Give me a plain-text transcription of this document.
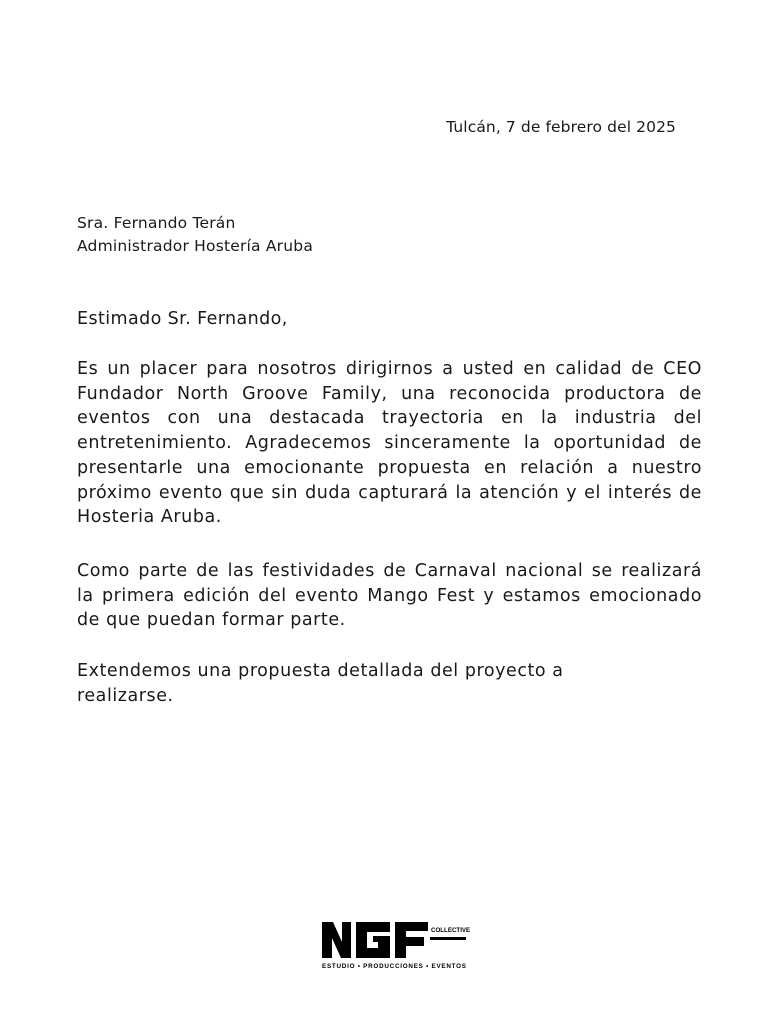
Tulcán, 7 de febrero del 2025
Sra. Fernando Terán
Administrador Hostería Aruba
Estimado Sr. Fernando,

Es un placer para nosotros dirigirnos a usted en calidad de CEO Fundador North Groove Family, una reconocida productora de eventos con una destacada trayectoria en la industria del entretenimiento. Agradecemos sinceramente la oportunidad de presentarle una emocionante propuesta en relación a nuestro próximo evento que sin duda capturará la atención y el interés de Hosteria Aruba.

Como parte de las festividades de Carnaval nacional se realizará la primera edición del evento Mango Fest y estamos emocionado de que puedan formar parte.

Extendemos una propuesta detallada del proyecto a realizarse.

COLLECTIVE
ESTUDIO • PRODUCCIONES • EVENTOS
